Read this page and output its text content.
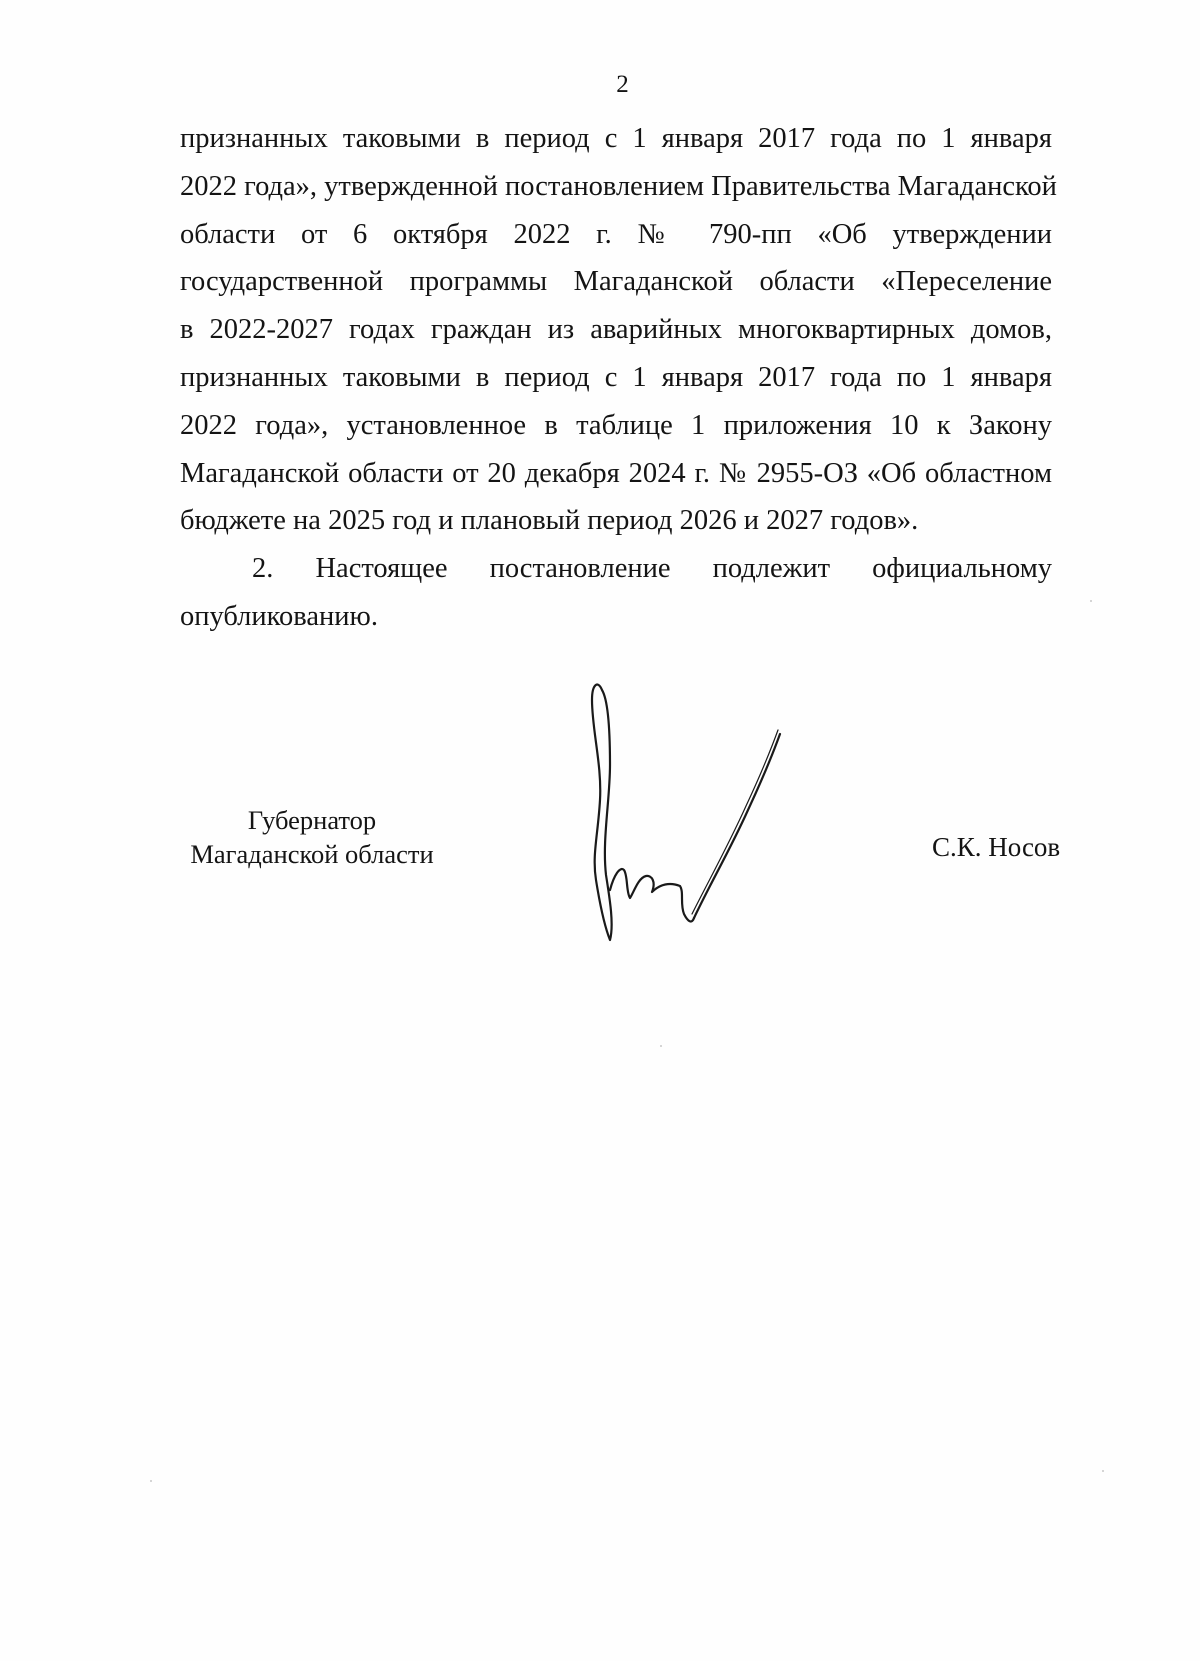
2
признанных таковыми в период с 1 января 2017 года по 1 января
2022 года», утвержденной постановлением Правительства Магаданской
области от 6 октября 2022 г. № 790-пп «Об утверждении
государственной программы Магаданской области «Переселение
в 2022-2027 годах граждан из аварийных многоквартирных домов,
признанных таковыми в период с 1 января 2017 года по 1 января
2022 года», установленное в таблице 1 приложения 10 к Закону
Магаданской области от 20 декабря 2024 г. № 2955-ОЗ «Об областном
бюджете на 2025 год и плановый период 2026 и 2027 годов».
2. Настоящее постановление подлежит официальному
опубликованию.
Губернатор
Магаданской области	С.К. Носов
